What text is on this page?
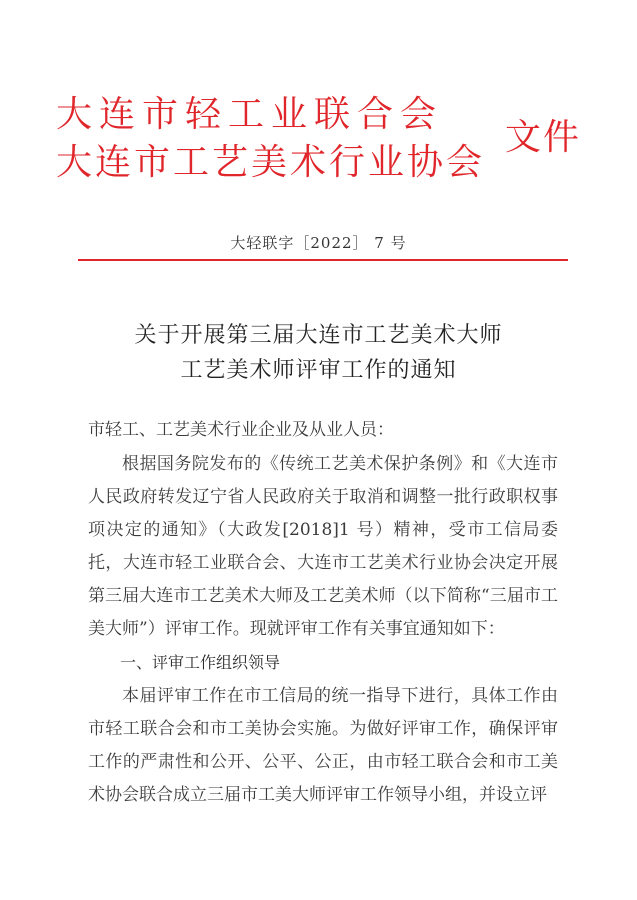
大连市轻工业联合会
大连市工艺美术行业协会
文件
大轻联字［2022］ 7 号
关于开展第三届大连市工艺美术大师
工艺美术师评审工作的通知
市轻工、工艺美术行业企业及从业人员：
根据国务院发布的《传统工艺美术保护条例》和《大连市人民政府转发辽宁省人民政府关于取消和调整一批行政职权事项决定的通知》（大政发[2018]1 号）精神，受市工信局委托，大连市轻工业联合会、大连市工艺美术行业协会决定开展第三届大连市工艺美术大师及工艺美术师（以下简称“三届市工美大师”）评审工作。现就评审工作有关事宜通知如下：
一、评审工作组织领导
本届评审工作在市工信局的统一指导下进行，具体工作由市轻工联合会和市工美协会实施。为做好评审工作，确保评审工作的严肃性和公开、公平、公正，由市轻工联合会和市工美术协会联合成立三届市工美大师评审工作领导小组，并设立评
